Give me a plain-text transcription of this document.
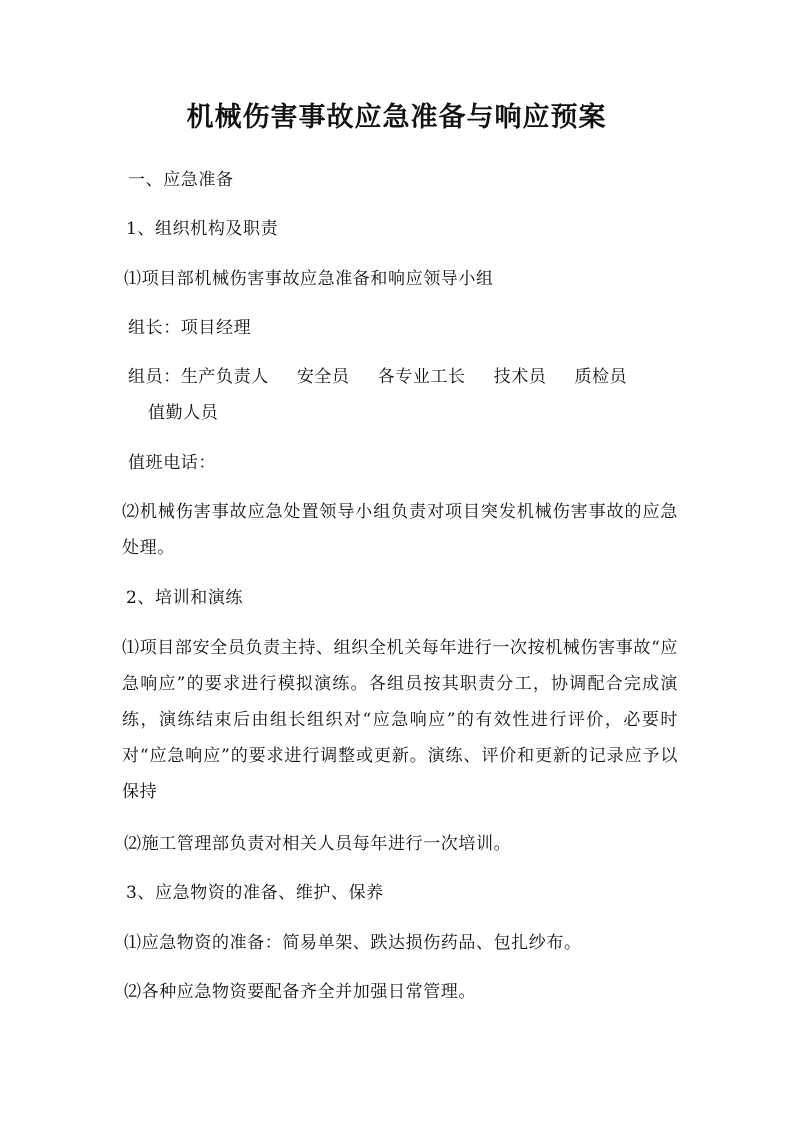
机械伤害事故应急准备与响应预案
一、应急准备
1、组织机构及职责
⑴项目部机械伤害事故应急准备和响应领导小组
组长：项目经理
组员：生产负责人 安全员 各专业工长 技术员 质检员
值勤人员
值班电话：
⑵机械伤害事故应急处置领导小组负责对项目突发机械伤害事故的应急处理。
2、培训和演练
⑴项目部安全员负责主持、组织全机关每年进行一次按机械伤害事故“应急响应”的要求进行模拟演练。各组员按其职责分工，协调配合完成演练，演练结束后由组长组织对“应急响应”的有效性进行评价，必要时对“应急响应”的要求进行调整或更新。演练、评价和更新的记录应予以保持
⑵施工管理部负责对相关人员每年进行一次培训。
3、应急物资的准备、维护、保养
⑴应急物资的准备：简易单架、跌达损伤药品、包扎纱布。
⑵各种应急物资要配备齐全并加强日常管理。
